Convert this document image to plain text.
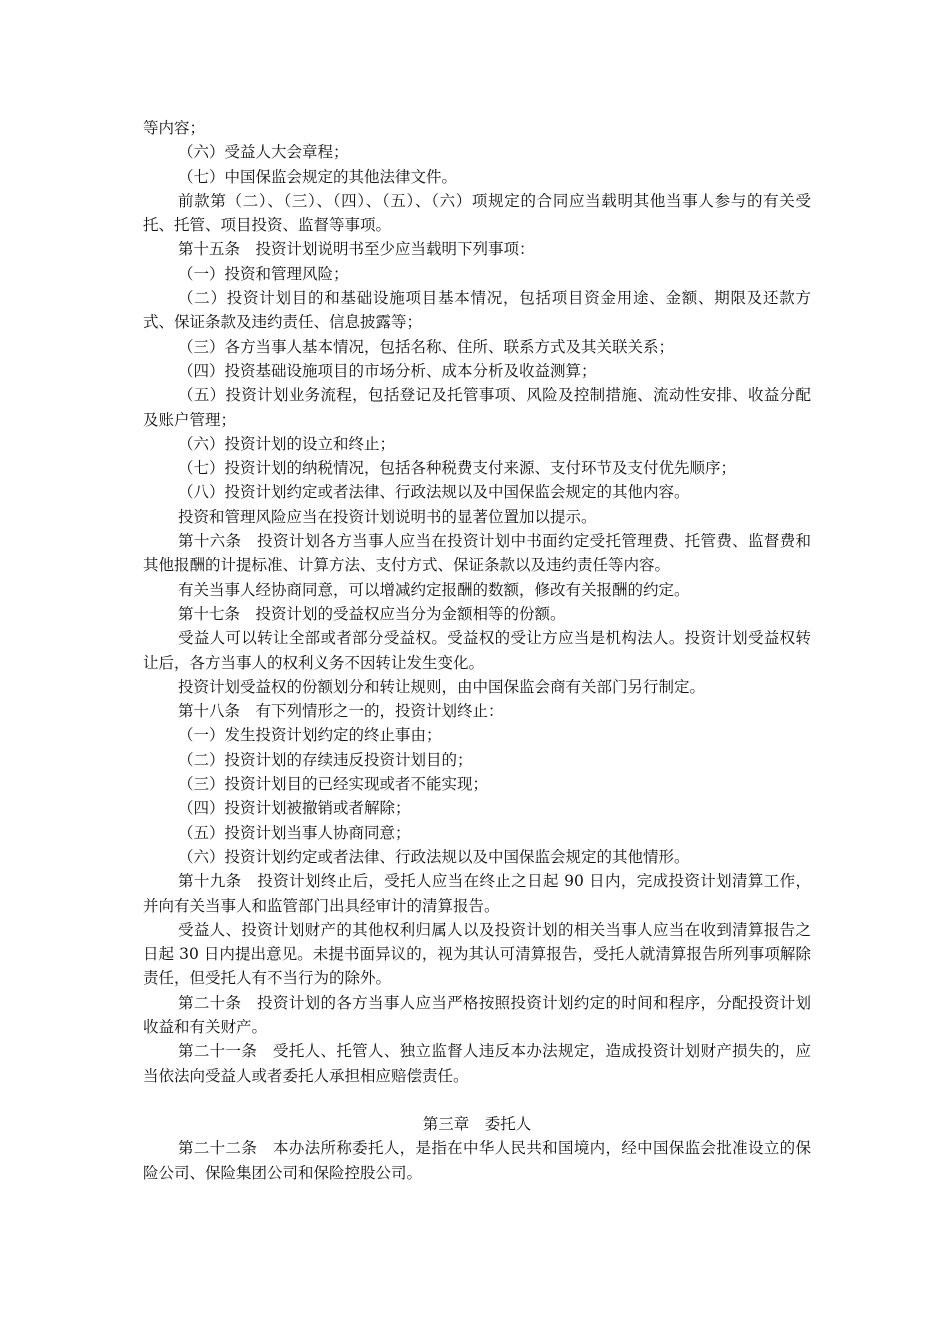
等内容；

（六）受益人大会章程；

（七）中国保监会规定的其他法律文件。

前款第（二）、（三）、（四）、（五）、（六）项规定的合同应当载明其他当事人参与的有关受托、托管、项目投资、监督等事项。

第十五条　投资计划说明书至少应当载明下列事项：

（一）投资和管理风险；

（二）投资计划目的和基础设施项目基本情况，包括项目资金用途、金额、期限及还款方式、保证条款及违约责任、信息披露等；

（三）各方当事人基本情况，包括名称、住所、联系方式及其关联关系；

（四）投资基础设施项目的市场分析、成本分析及收益测算；

（五）投资计划业务流程，包括登记及托管事项、风险及控制措施、流动性安排、收益分配及账户管理；

（六）投资计划的设立和终止；

（七）投资计划的纳税情况，包括各种税费支付来源、支付环节及支付优先顺序；

（八）投资计划约定或者法律、行政法规以及中国保监会规定的其他内容。

投资和管理风险应当在投资计划说明书的显著位置加以提示。

第十六条　投资计划各方当事人应当在投资计划中书面约定受托管理费、托管费、监督费和其他报酬的计提标准、计算方法、支付方式、保证条款以及违约责任等内容。

有关当事人经协商同意，可以增减约定报酬的数额，修改有关报酬的约定。

第十七条　投资计划的受益权应当分为金额相等的份额。

受益人可以转让全部或者部分受益权。受益权的受让方应当是机构法人。投资计划受益权转让后，各方当事人的权利义务不因转让发生变化。

投资计划受益权的份额划分和转让规则，由中国保监会商有关部门另行制定。

第十八条　有下列情形之一的，投资计划终止：

（一）发生投资计划约定的终止事由；

（二）投资计划的存续违反投资计划目的；

（三）投资计划目的已经实现或者不能实现；

（四）投资计划被撤销或者解除；

（五）投资计划当事人协商同意；

（六）投资计划约定或者法律、行政法规以及中国保监会规定的其他情形。

第十九条　投资计划终止后，受托人应当在终止之日起 90 日内，完成投资计划清算工作，并向有关当事人和监管部门出具经审计的清算报告。

受益人、投资计划财产的其他权利归属人以及投资计划的相关当事人应当在收到清算报告之日起 30 日内提出意见。未提书面异议的，视为其认可清算报告，受托人就清算报告所列事项解除责任，但受托人有不当行为的除外。

第二十条　投资计划的各方当事人应当严格按照投资计划约定的时间和程序，分配投资计划收益和有关财产。

第二十一条　受托人、托管人、独立监督人违反本办法规定，造成投资计划财产损失的，应当依法向受益人或者委托人承担相应赔偿责任。

第三章　委托人

第二十二条　本办法所称委托人，是指在中华人民共和国境内，经中国保监会批准设立的保险公司、保险集团公司和保险控股公司。
